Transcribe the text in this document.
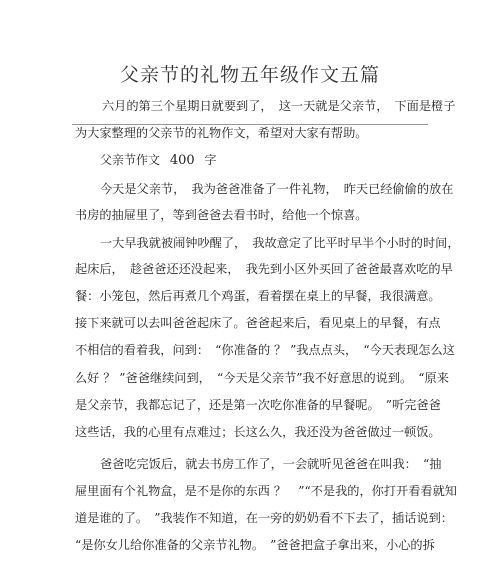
父亲节的礼物五年级作文五篇
六月的第三个星期日就要到了，　这一天就是父亲节，　下面是橙子
为大家整理的父亲节的礼物作文，希望对大家有帮助。
父亲节作文 400 字
今天是父亲节，　我为爸爸准备了一件礼物，　昨天已经偷偷的放在
书房的抽屉里了，等到爸爸去看书时，给他一个惊喜。
一大早我就被闹钟吵醒了，　我故意定了比平时早半个小时的时间，
起床后，　趁爸爸还还没起来，　我先到小区外买回了爸爸最喜欢吃的早
餐：小笼包，然后再煮几个鸡蛋，看着摆在桌上的早餐，我很满意。
接下来就可以去叫爸爸起床了。爸爸起来后，看见桌上的早餐，有点
不相信的看着我，问到：　“你准备的 ？ ”我点点头，　“今天表现怎么这
么好 ？ ”爸爸继续问到，　“今天是父亲节”我不好意思的说到。　“原来
是父亲节，我都忘记了，还是第一次吃你准备的早餐呢。　”听完爸爸
这些话，我的心里有点难过；长这么久，我还没为爸爸做过一顿饭。
爸爸吃完饭后，就去书房工作了，一会就听见爸爸在叫我：　“抽
屉里面有个礼物盒，是不是你的东西 ？　”“不是我的，你打开看看就知
道是谁的了。　”我装作不知道，在一旁的奶奶看不下去了，插话说到：
“是你女儿给你准备的父亲节礼物。　”爸爸把盒子拿出来，小心的拆
